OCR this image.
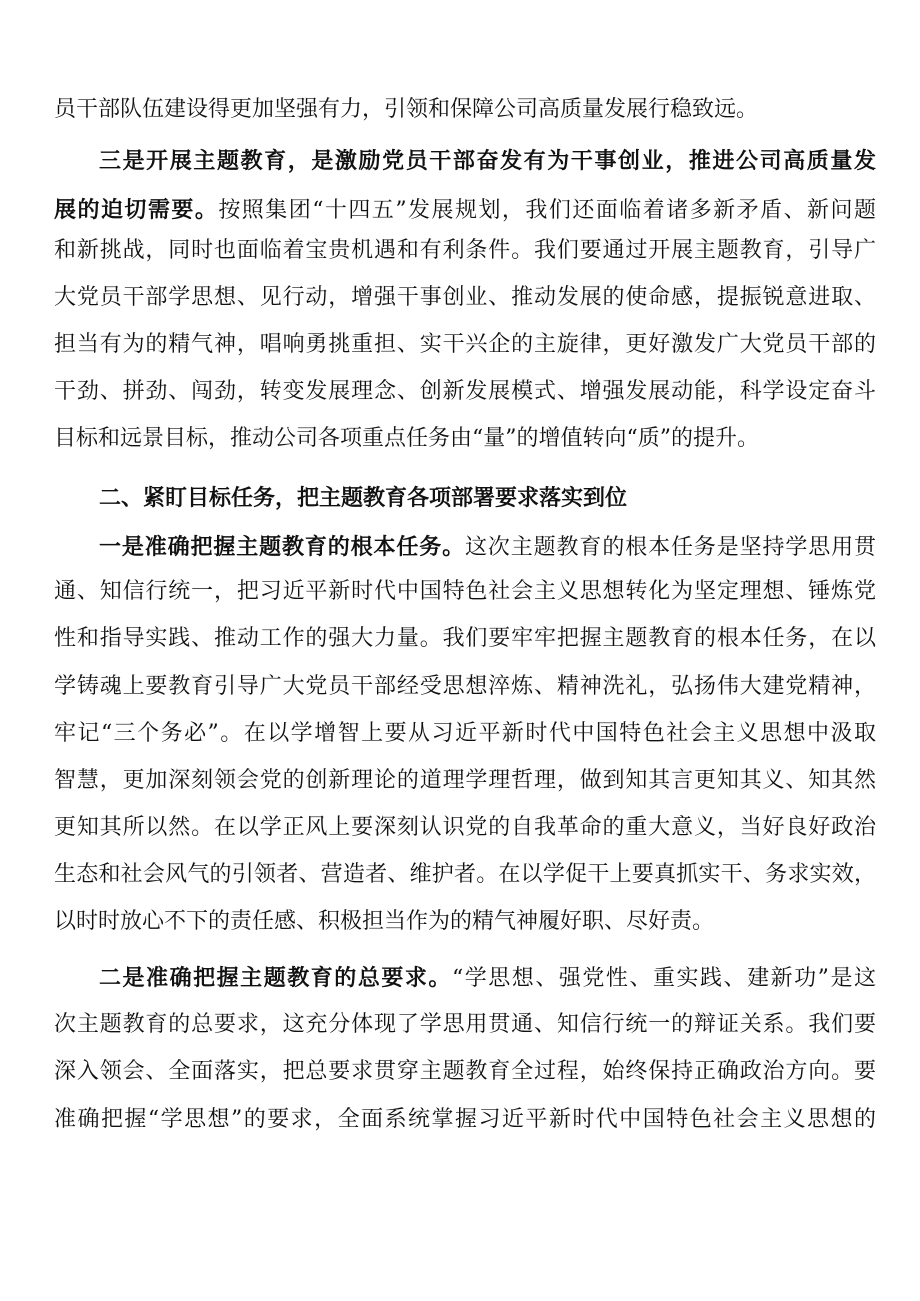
员干部队伍建设得更加坚强有力，引领和保障公司高质量发展行稳致远。
三是开展主题教育，是激励党员干部奋发有为干事创业，推进公司高质量发
展的迫切需要。按照集团“十四五”发展规划，我们还面临着诸多新矛盾、新问题
和新挑战，同时也面临着宝贵机遇和有利条件。我们要通过开展主题教育，引导广
大党员干部学思想、见行动，增强干事创业、推动发展的使命感，提振锐意进取、
担当有为的精气神，唱响勇挑重担、实干兴企的主旋律，更好激发广大党员干部的
干劲、拼劲、闯劲，转变发展理念、创新发展模式、增强发展动能，科学设定奋斗
目标和远景目标，推动公司各项重点任务由“量”的增值转向“质”的提升。
二、紧盯目标任务，把主题教育各项部署要求落实到位
一是准确把握主题教育的根本任务。这次主题教育的根本任务是坚持学思用贯
通、知信行统一，把习近平新时代中国特色社会主义思想转化为坚定理想、锤炼党
性和指导实践、推动工作的强大力量。我们要牢牢把握主题教育的根本任务，在以
学铸魂上要教育引导广大党员干部经受思想淬炼、精神洗礼，弘扬伟大建党精神，
牢记“三个务必”。在以学增智上要从习近平新时代中国特色社会主义思想中汲取
智慧，更加深刻领会党的创新理论的道理学理哲理，做到知其言更知其义、知其然
更知其所以然。在以学正风上要深刻认识党的自我革命的重大意义，当好良好政治
生态和社会风气的引领者、营造者、维护者。在以学促干上要真抓实干、务求实效，
以时时放心不下的责任感、积极担当作为的精气神履好职、尽好责。
二是准确把握主题教育的总要求。“学思想、强党性、重实践、建新功”是这
次主题教育的总要求，这充分体现了学思用贯通、知信行统一的辩证关系。我们要
深入领会、全面落实，把总要求贯穿主题教育全过程，始终保持正确政治方向。要
准确把握“学思想”的要求，全面系统掌握习近平新时代中国特色社会主义思想的
